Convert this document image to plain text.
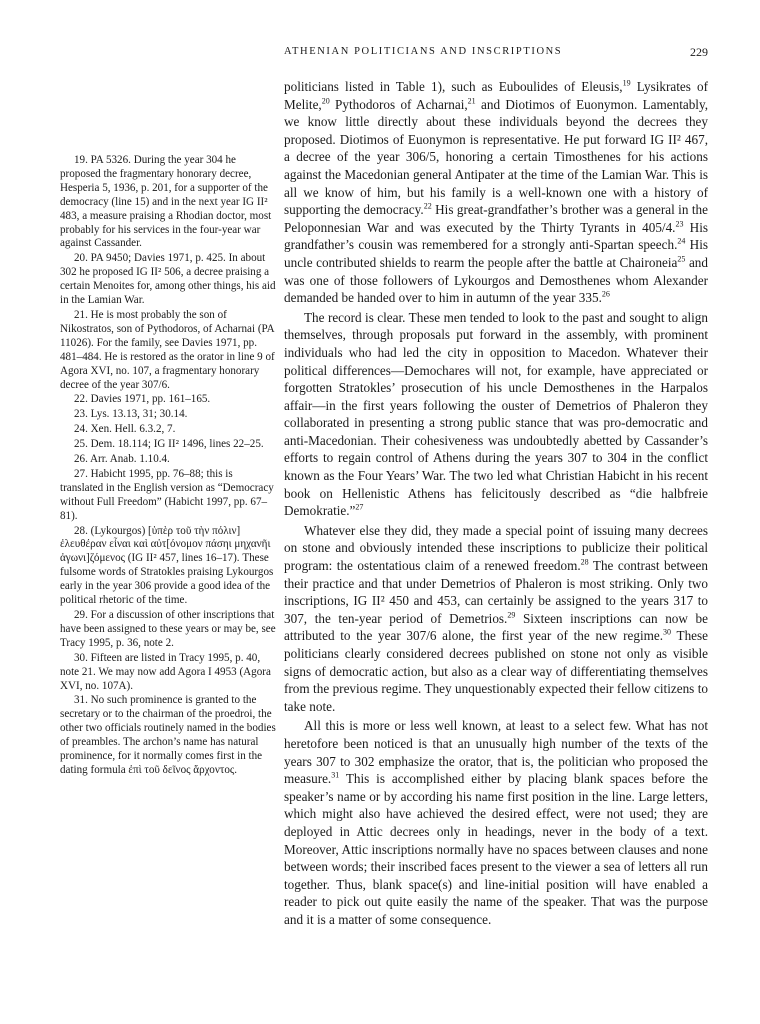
ATHENIAN POLITICIANS AND INSCRIPTIONS	229

19. PA 5326. During the year 304 he proposed the fragmentary honorary decree, Hesperia 5, 1936, p. 201, for a supporter of the democracy (line 15) and in the next year IG II² 483, a measure praising a Rhodian doctor, most probably for his services in the four-year war against Cassander.

20. PA 9450; Davies 1971, p. 425. In about 302 he proposed IG II² 506, a decree praising a certain Menoites for, among other things, his aid in the Lamian War.

21. He is most probably the son of Nikostratos, son of Pythodoros, of Acharnai (PA 11026). For the family, see Davies 1971, pp. 481–484. He is restored as the orator in line 9 of Agora XVI, no. 107, a fragmentary honorary decree of the year 307/6.

22. Davies 1971, pp. 161–165.

23. Lys. 13.13, 31; 30.14.

24. Xen. Hell. 6.3.2, 7.

25. Dem. 18.114; IG II² 1496, lines 22–25.

26. Arr. Anab. 1.10.4.

27. Habicht 1995, pp. 76–88; this is translated in the English version as “Democracy without Full Freedom” (Habicht 1997, pp. 67–81).

28. (Lykourgos) [ὑπὲρ τοῦ τὴν πόλιν] ἐλευθέραν εἶναι καὶ αὐτ[όνομον πάσηι μηχανῆι ἀγωνι]ζόμενος (IG II² 457, lines 16–17). These fulsome words of Stratokles praising Lykourgos early in the year 306 provide a good idea of the political rhetoric of the time.

29. For a discussion of other inscriptions that have been assigned to these years or may be, see Tracy 1995, p. 36, note 2.

30. Fifteen are listed in Tracy 1995, p. 40, note 21. We may now add Agora I 4953 (Agora XVI, no. 107A).

31. No such prominence is granted to the secretary or to the chairman of the proedroi, the other two officials routinely named in the bodies of preambles. The archon’s name has natural prominence, for it normally comes first in the dating formula ἐπὶ τοῦ δεῖνος ἄρχοντος.

politicians listed in Table 1), such as Euboulides of Eleusis,$^{19}$ Lysikrates of Melite,$^{20}$ Pythodoros of Acharnai,$^{21}$ and Diotimos of Euonymon. Lamentably, we know little directly about these individuals beyond the decrees they proposed. Diotimos of Euonymon is representative. He put forward IG II² 467, a decree of the year 306/5, honoring a certain Timosthenes for his actions against the Macedonian general Antipater at the time of the Lamian War. This is all we know of him, but his family is a well-known one with a history of supporting the democracy.$^{22}$ His great-grandfather’s brother was a general in the Peloponnesian War and was executed by the Thirty Tyrants in 405/4.23 His grandfather’s cousin was remembered for a strongly anti-Spartan speech.$^{24}$ His uncle contributed shields to rearm the people after the battle at Chaironeia$^{25}$ and was one of those followers of Lykourgos and Demosthenes whom Alexander demanded be handed over to him in autumn of the year 335.26

The record is clear. These men tended to look to the past and sought to align themselves, through proposals put forward in the assembly, with prominent individuals who had led the city in opposition to Macedon. Whatever their political differences—Demochares will not, for example, have appreciated or forgotten Stratokles’ prosecution of his uncle Demosthenes in the Harpalos affair—in the first years following the ouster of Demetrios of Phaleron they collaborated in presenting a strong public stance that was pro-democratic and anti-Macedonian. Their cohesiveness was undoubtedly abetted by Cassander’s efforts to regain control of Athens during the years 307 to 304 in the conflict known as the Four Years’ War. The two led what Christian Habicht in his recent book on Hellenistic Athens has felicitously described as “die halbfreie Demokratie.”$^{27}$

Whatever else they did, they made a special point of issuing many decrees on stone and obviously intended these inscriptions to publicize their political program: the ostentatious claim of a renewed freedom.$^{28}$ The contrast between their practice and that under Demetrios of Phaleron is most striking. Only two inscriptions, IG II² 450 and 453, can certainly be assigned to the years 317 to 307, the ten-year period of Demetrios.$^{29}$ Sixteen inscriptions can now be attributed to the year 307/6 alone, the first year of the new regime.$^{30}$ These politicians clearly considered decrees published on stone not only as visible signs of democratic action, but also as a clear way of differentiating themselves from the previous regime. They unquestionably expected their fellow citizens to take note.

All this is more or less well known, at least to a select few. What has not heretofore been noticed is that an unusually high number of the texts of the years 307 to 302 emphasize the orator, that is, the politician who proposed the measure.$^{31}$ This is accomplished either by placing blank spaces before the speaker’s name or by according his name first position in the line. Large letters, which might also have achieved the desired effect, were not used; they are deployed in Attic decrees only in headings, never in the body of a text. Moreover, Attic inscriptions normally have no spaces between clauses and none between words; their inscribed faces present to the viewer a sea of letters all run together. Thus, blank space(s) and line-initial position will have enabled a reader to pick out quite easily the name of the speaker. That was the purpose and it is a matter of some consequence.
